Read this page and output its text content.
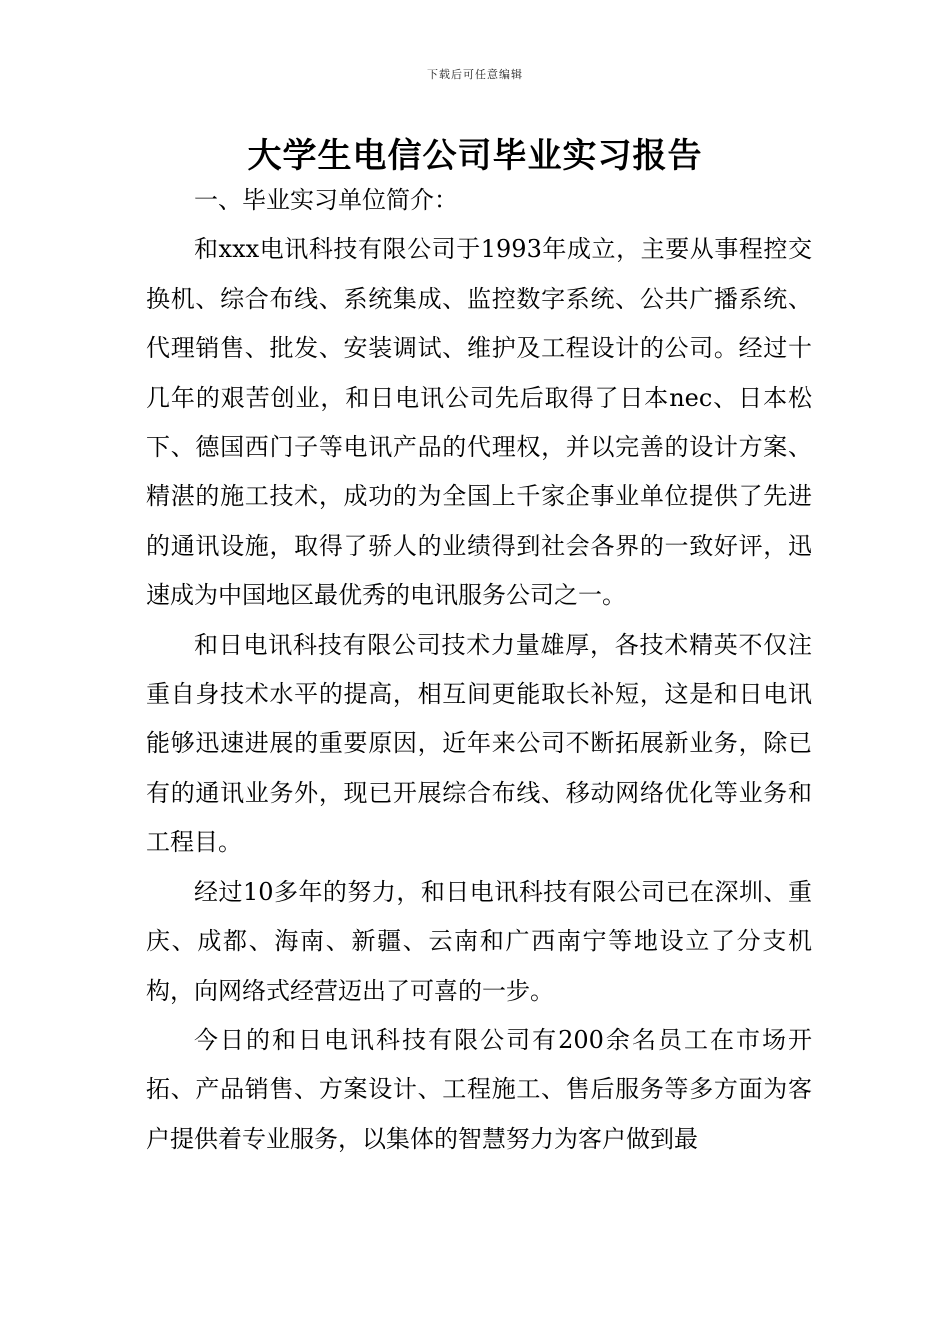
下载后可任意编辑
大学生电信公司毕业实习报告

一、毕业实习单位简介：

和xxx电讯科技有限公司于1993年成立，主要从事程控交换机、综合布线、系统集成、监控数字系统、公共广播系统、代理销售、批发、安装调试、维护及工程设计的公司。经过十几年的艰苦创业，和日电讯公司先后取得了日本nec、日本松下、德国西门子等电讯产品的代理权，并以完善的设计方案、精湛的施工技术，成功的为全国上千家企事业单位提供了先进的通讯设施，取得了骄人的业绩得到社会各界的一致好评，迅速成为中国地区最优秀的电讯服务公司之一。

和日电讯科技有限公司技术力量雄厚，各技术精英不仅注重自身技术水平的提高，相互间更能取长补短，这是和日电讯能够迅速进展的重要原因，近年来公司不断拓展新业务，除已有的通讯业务外，现已开展综合布线、移动网络优化等业务和工程目。

经过10多年的努力，和日电讯科技有限公司已在深圳、重庆、成都、海南、新疆、云南和广西南宁等地设立了分支机构，向网络式经营迈出了可喜的一步。

今日的和日电讯科技有限公司有200余名员工在市场开拓、产品销售、方案设计、工程施工、售后服务等多方面为客户提供着专业服务，以集体的智慧努力为客户做到最
